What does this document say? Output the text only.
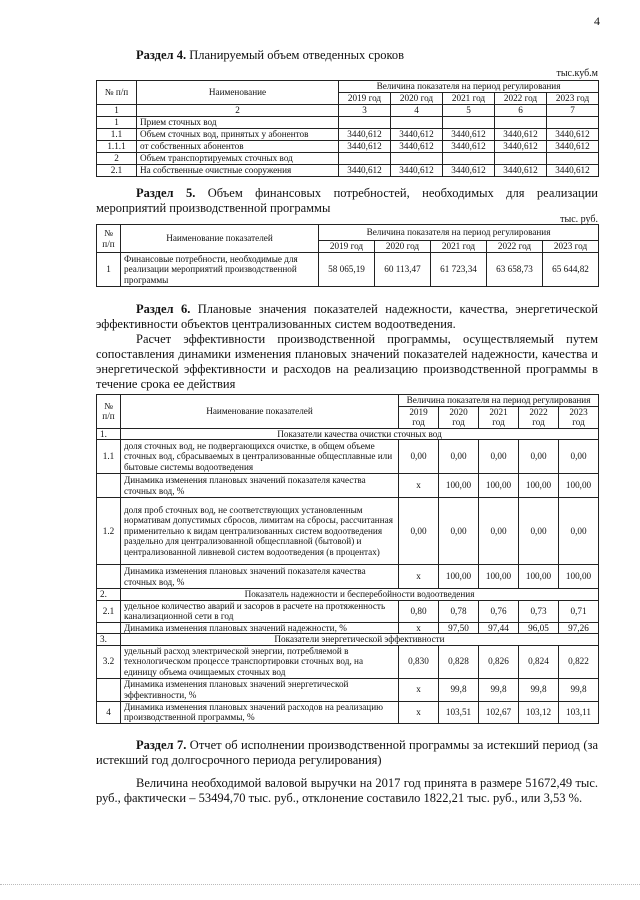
4
Раздел 4. Планируемый объем отведенных сроков
тыс.куб.м
№ п/п	Наименование	Величина показателя на период регулирования				
		2019 год	2020 год	2021 год	2022 год	2023 год
1	2	3	4	5	6	7
1	Прием сточных вод					
1.1	Объем сточных вод, принятых у абонентов	3440,612	3440,612	3440,612	3440,612	3440,612
1.1.1	от собственных абонентов	3440,612	3440,612	3440,612	3440,612	3440,612
2	Объем транспортируемых сточных вод					
2.1	На собственные очистные сооружения	3440,612	3440,612	3440,612	3440,612	3440,612
Раздел 5. Объем финансовых потребностей, необходимых для реализации мероприятий производственной программы
тыс. руб.
№ п/п	Наименование показателей	Величина показателя на период регулирования				
		2019 год	2020 год	2021 год	2022 год	2023 год
1	Финансовые потребности, необходимые для реализации мероприятий производственной программы	58 065,19	60 113,47	61 723,34	63 658,73	65 644,82
Раздел 6. Плановые значения показателей надежности, качества, энергетической эффективности объектов централизованных систем водоотведения.
Расчет эффективности производственной программы, осуществляемый путем сопоставления динамики изменения плановых значений показателей надежности, качества и энергетической эффективности и расходов на реализацию производственной программы в течение срока ее действия
№ п/п	Наименование показателей	Величина показателя на период регулирования				
		2019 год	2020 год	2021 год	2022 год	2023 год
1.	Показатели качества очистки сточных вод					
1.1	доля сточных вод, не подвергающихся очистке, в общем объеме сточных вод, сбрасываемых в централизованные общесплавные или бытовые системы водоотведения	0,00	0,00	0,00	0,00	0,00
	Динамика изменения плановых значений показателя качества сточных вод, %	x	100,00	100,00	100,00	100,00
1.2	доля проб сточных вод, не соответствующих установленным нормативам допустимых сбросов, лимитам на сбросы, рассчитанная применительно к видам централизованных систем водоотведения раздельно для централизованной общесплавной (бытовой) и централизованной ливневой систем водоотведения (в процентах)	0,00	0,00	0,00	0,00	0,00
	Динамика изменения плановых значений показателя качества сточных вод, %	x	100,00	100,00	100,00	100,00
2.	Показатель надежности и бесперебойности водоотведения					
2.1	удельное количество аварий и засоров в расчете на протяженность канализационной сети в год	0,80	0,78	0,76	0,73	0,71
	Динамика изменения плановых значений надежности, %	x	97,50	97,44	96,05	97,26
3.	Показатели энергетической эффективности					
3.2	удельный расход электрической энергии, потребляемой в технологическом процессе транспортировки сточных вод, на единицу объема очищаемых сточных вод	0,830	0,828	0,826	0,824	0,822
	Динамика изменения плановых значений энергетической эффективности, %	x	99,8	99,8	99,8	99,8
4	Динамика изменения плановых значений расходов на реализацию производственной программы, %	x	103,51	102,67	103,12	103,11
Раздел 7. Отчет об исполнении производственной программы за истекший период (за истекший год долгосрочного периода регулирования)
Величина необходимой валовой выручки на 2017 год принята в размере 51672,49 тыс. руб., фактически – 53494,70 тыс. руб., отклонение составило 1822,21 тыс. руб., или 3,53 %.
